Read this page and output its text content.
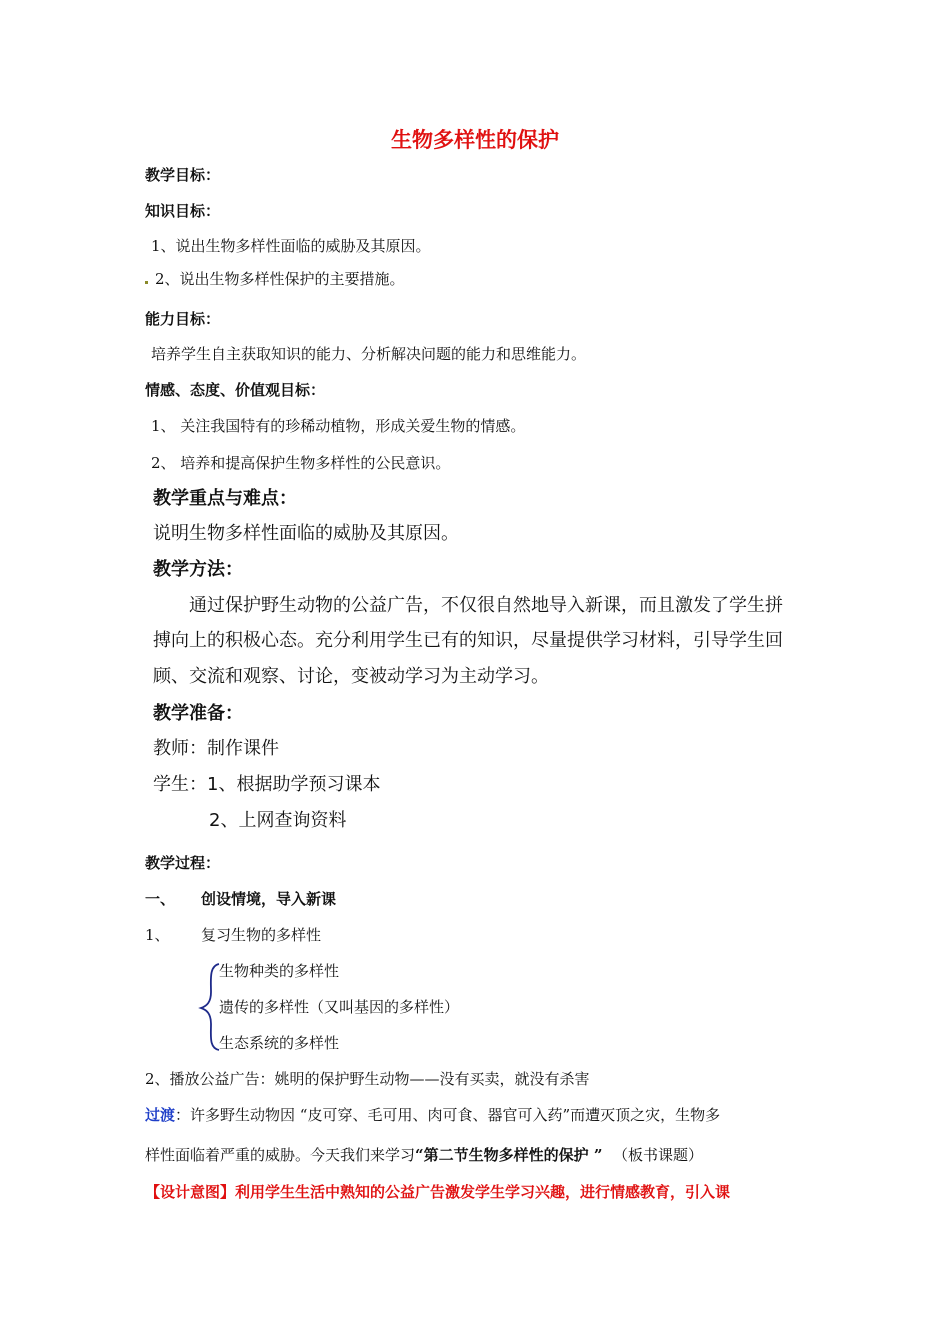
生物多样性的保护
教学目标：
知识目标：
1、说出生物多样性面临的威胁及其原因。
2、说出生物多样性保护的主要措施。
能力目标：
培养学生自主获取知识的能力、分析解决问题的能力和思维能力。
情感、态度、价值观目标：
1、 关注我国特有的珍稀动植物，形成关爱生物的情感。
2、 培养和提高保护生物多样性的公民意识。
教学重点与难点：
说明生物多样性面临的威胁及其原因。
教学方法：
通过保护野生动物的公益广告，不仅很自然地导入新课，而且激发了学生拼
搏向上的积极心态。充分利用学生已有的知识，尽量提供学习材料，引导学生回
顾、交流和观察、讨论，变被动学习为主动学习。
教学准备：
教师：制作课件
学生：1、根据助学预习课本
2、上网查询资料
教学过程：
一、 创设情境，导入新课
1、 复习生物的多样性
生物种类的多样性
遗传的多样性（又叫基因的多样性）
生态系统的多样性
2、播放公益广告：姚明的保护野生动物——没有买卖，就没有杀害
过渡：许多野生动物因 “皮可穿、毛可用、肉可食、器官可入药”而遭灭顶之灾，生物多
样性面临着严重的威胁。今天我们来学习“第二节生物多样性的保护 ” （板书课题）
【设计意图】利用学生生活中熟知的公益广告激发学生学习兴趣，进行情感教育，引入课
